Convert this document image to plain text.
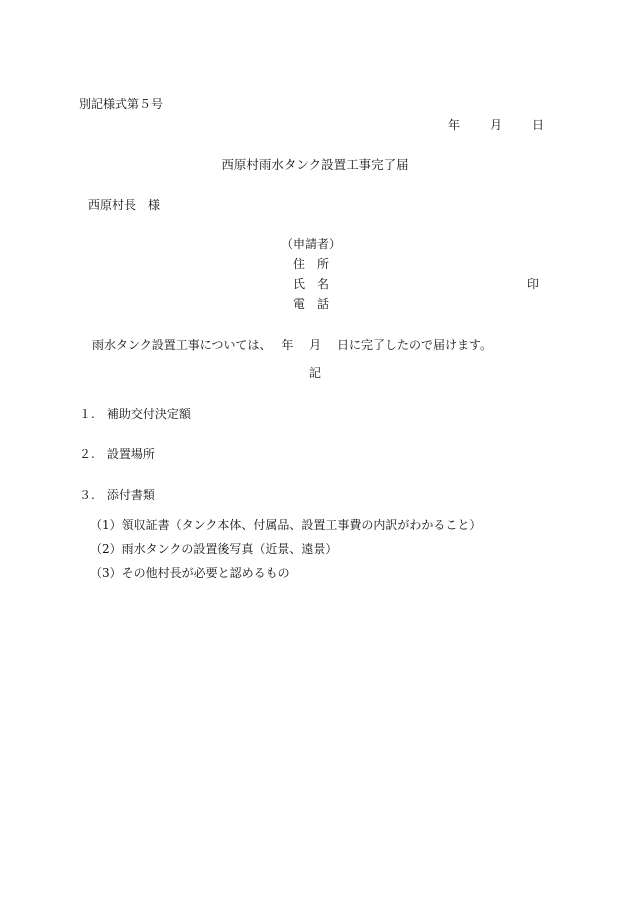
別記様式第５号
年	月	日
西原村雨水タンク設置工事完了届
西原村長　様
（申請者）
住　所
氏　名
電　話
印
雨水タンク設置工事については、　 年　 月　 日に完了したので届けます。
記
１.　補助交付決定額
２.　設置場所
３.　添付書類
（1）領収証書（タンク本体、付属品、設置工事費の内訳がわかること）
（2）雨水タンクの設置後写真（近景、遠景）
（3）その他村長が必要と認めるもの
